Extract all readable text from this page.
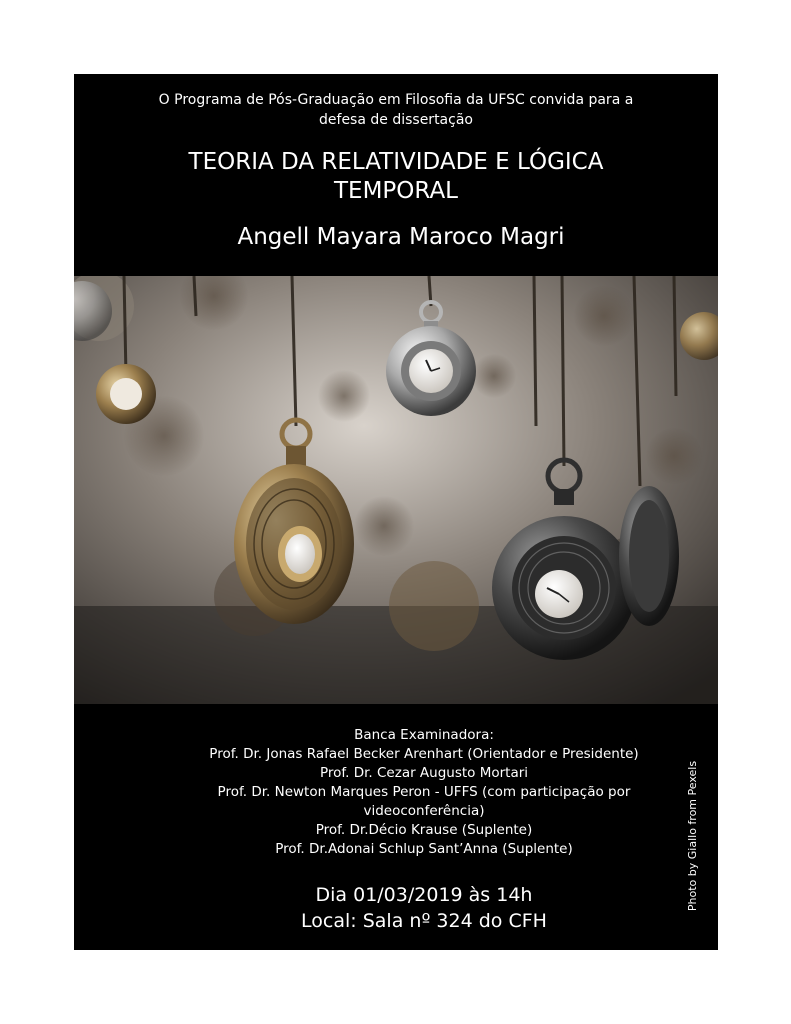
O Programa de Pós-Graduação em Filosofia da UFSC convida para a
defesa de dissertação
TEORIA DA RELATIVIDADE E LÓGICA
TEMPORAL
Angell Mayara Maroco Magri
Banca Examinadora:
Prof. Dr. Jonas Rafael Becker Arenhart (Orientador e Presidente)
Prof. Dr. Cezar Augusto Mortari
Prof. Dr. Newton Marques Peron - UFFS (com participação por videoconferência)
Prof. Dr.Décio Krause (Suplente)
Prof. Dr.Adonai Schlup Sant’Anna (Suplente)
Dia 01/03/2019 às 14h
Local: Sala nº 324 do CFH
Photo by Giallo from Pexels
